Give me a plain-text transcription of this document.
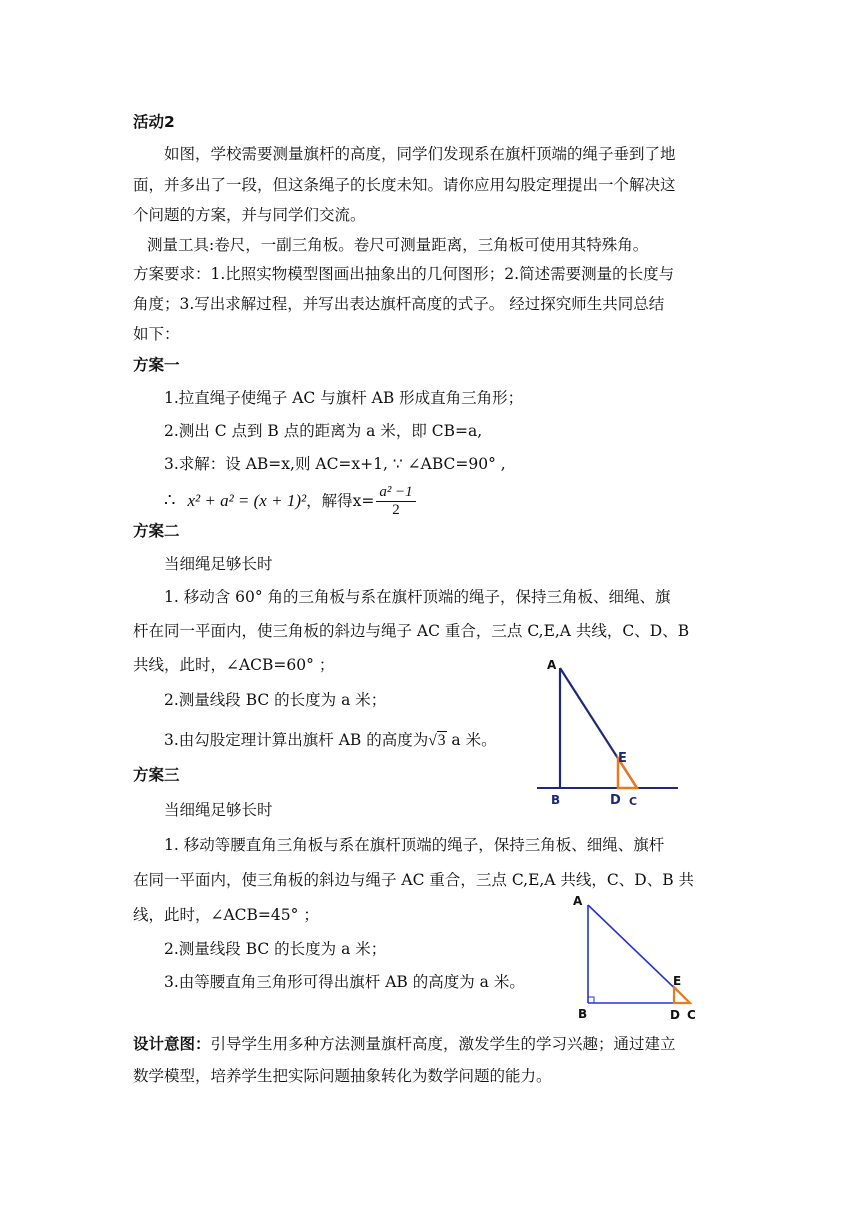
活动2
如图，学校需要测量旗杆的高度，同学们发现系在旗杆顶端的绳子垂到了地
面，并多出了一段，但这条绳子的长度未知。请你应用勾股定理提出一个解决这
个问题的方案，并与同学们交流。
测量工具:卷尺，一副三角板。卷尺可测量距离，三角板可使用其特殊角。
方案要求：1.比照实物模型图画出抽象出的几何图形；2.简述需要测量的长度与
角度；3.写出求解过程，并写出表达旗杆高度的式子。 经过探究师生共同总结
如下：
方案一
1.拉直绳子使绳子 AC 与旗杆 AB 形成直角三角形；
2.测出 C 点到 B 点的距离为 a 米，即 CB=a,
3.求解：设 AB=x,则 AC=x+1, ∵ ∠ABC=90° ,
∴ x² + a² = (x + 1)² ，解得$x= \frac{\text{a² −1}}{2}$
方案二
当细绳足够长时
1. 移动含 60° 角的三角板与系在旗杆顶端的绳子，保持三角板、细绳、旗
杆在同一平面内，使三角板的斜边与绳子 AC 重合，三点 C,E,A 共线，C、D、B
共线，此时，∠ACB=60° ；
2.测量线段 BC 的长度为 a 米；
3.由勾股定理计算出旗杆 AB 的高度为√3 a 米。
A
E
B	D C
方案三
当细绳足够长时
1. 移动等腰直角三角板与系在旗杆顶端的绳子，保持三角板、细绳、旗杆
在同一平面内，使三角板的斜边与绳子 AC 重合，三点 C,E,A 共线，C、D、B 共
线，此时，∠ACB=45° ；
2.测量线段 BC 的长度为 a 米；
3.由等腰直角三角形可得出旗杆 AB 的高度为 a 米。
A
E
B	D C
设计意图：引导学生用多种方法测量旗杆高度，激发学生的学习兴趣；通过建立
数学模型，培养学生把实际问题抽象转化为数学问题的能力。
